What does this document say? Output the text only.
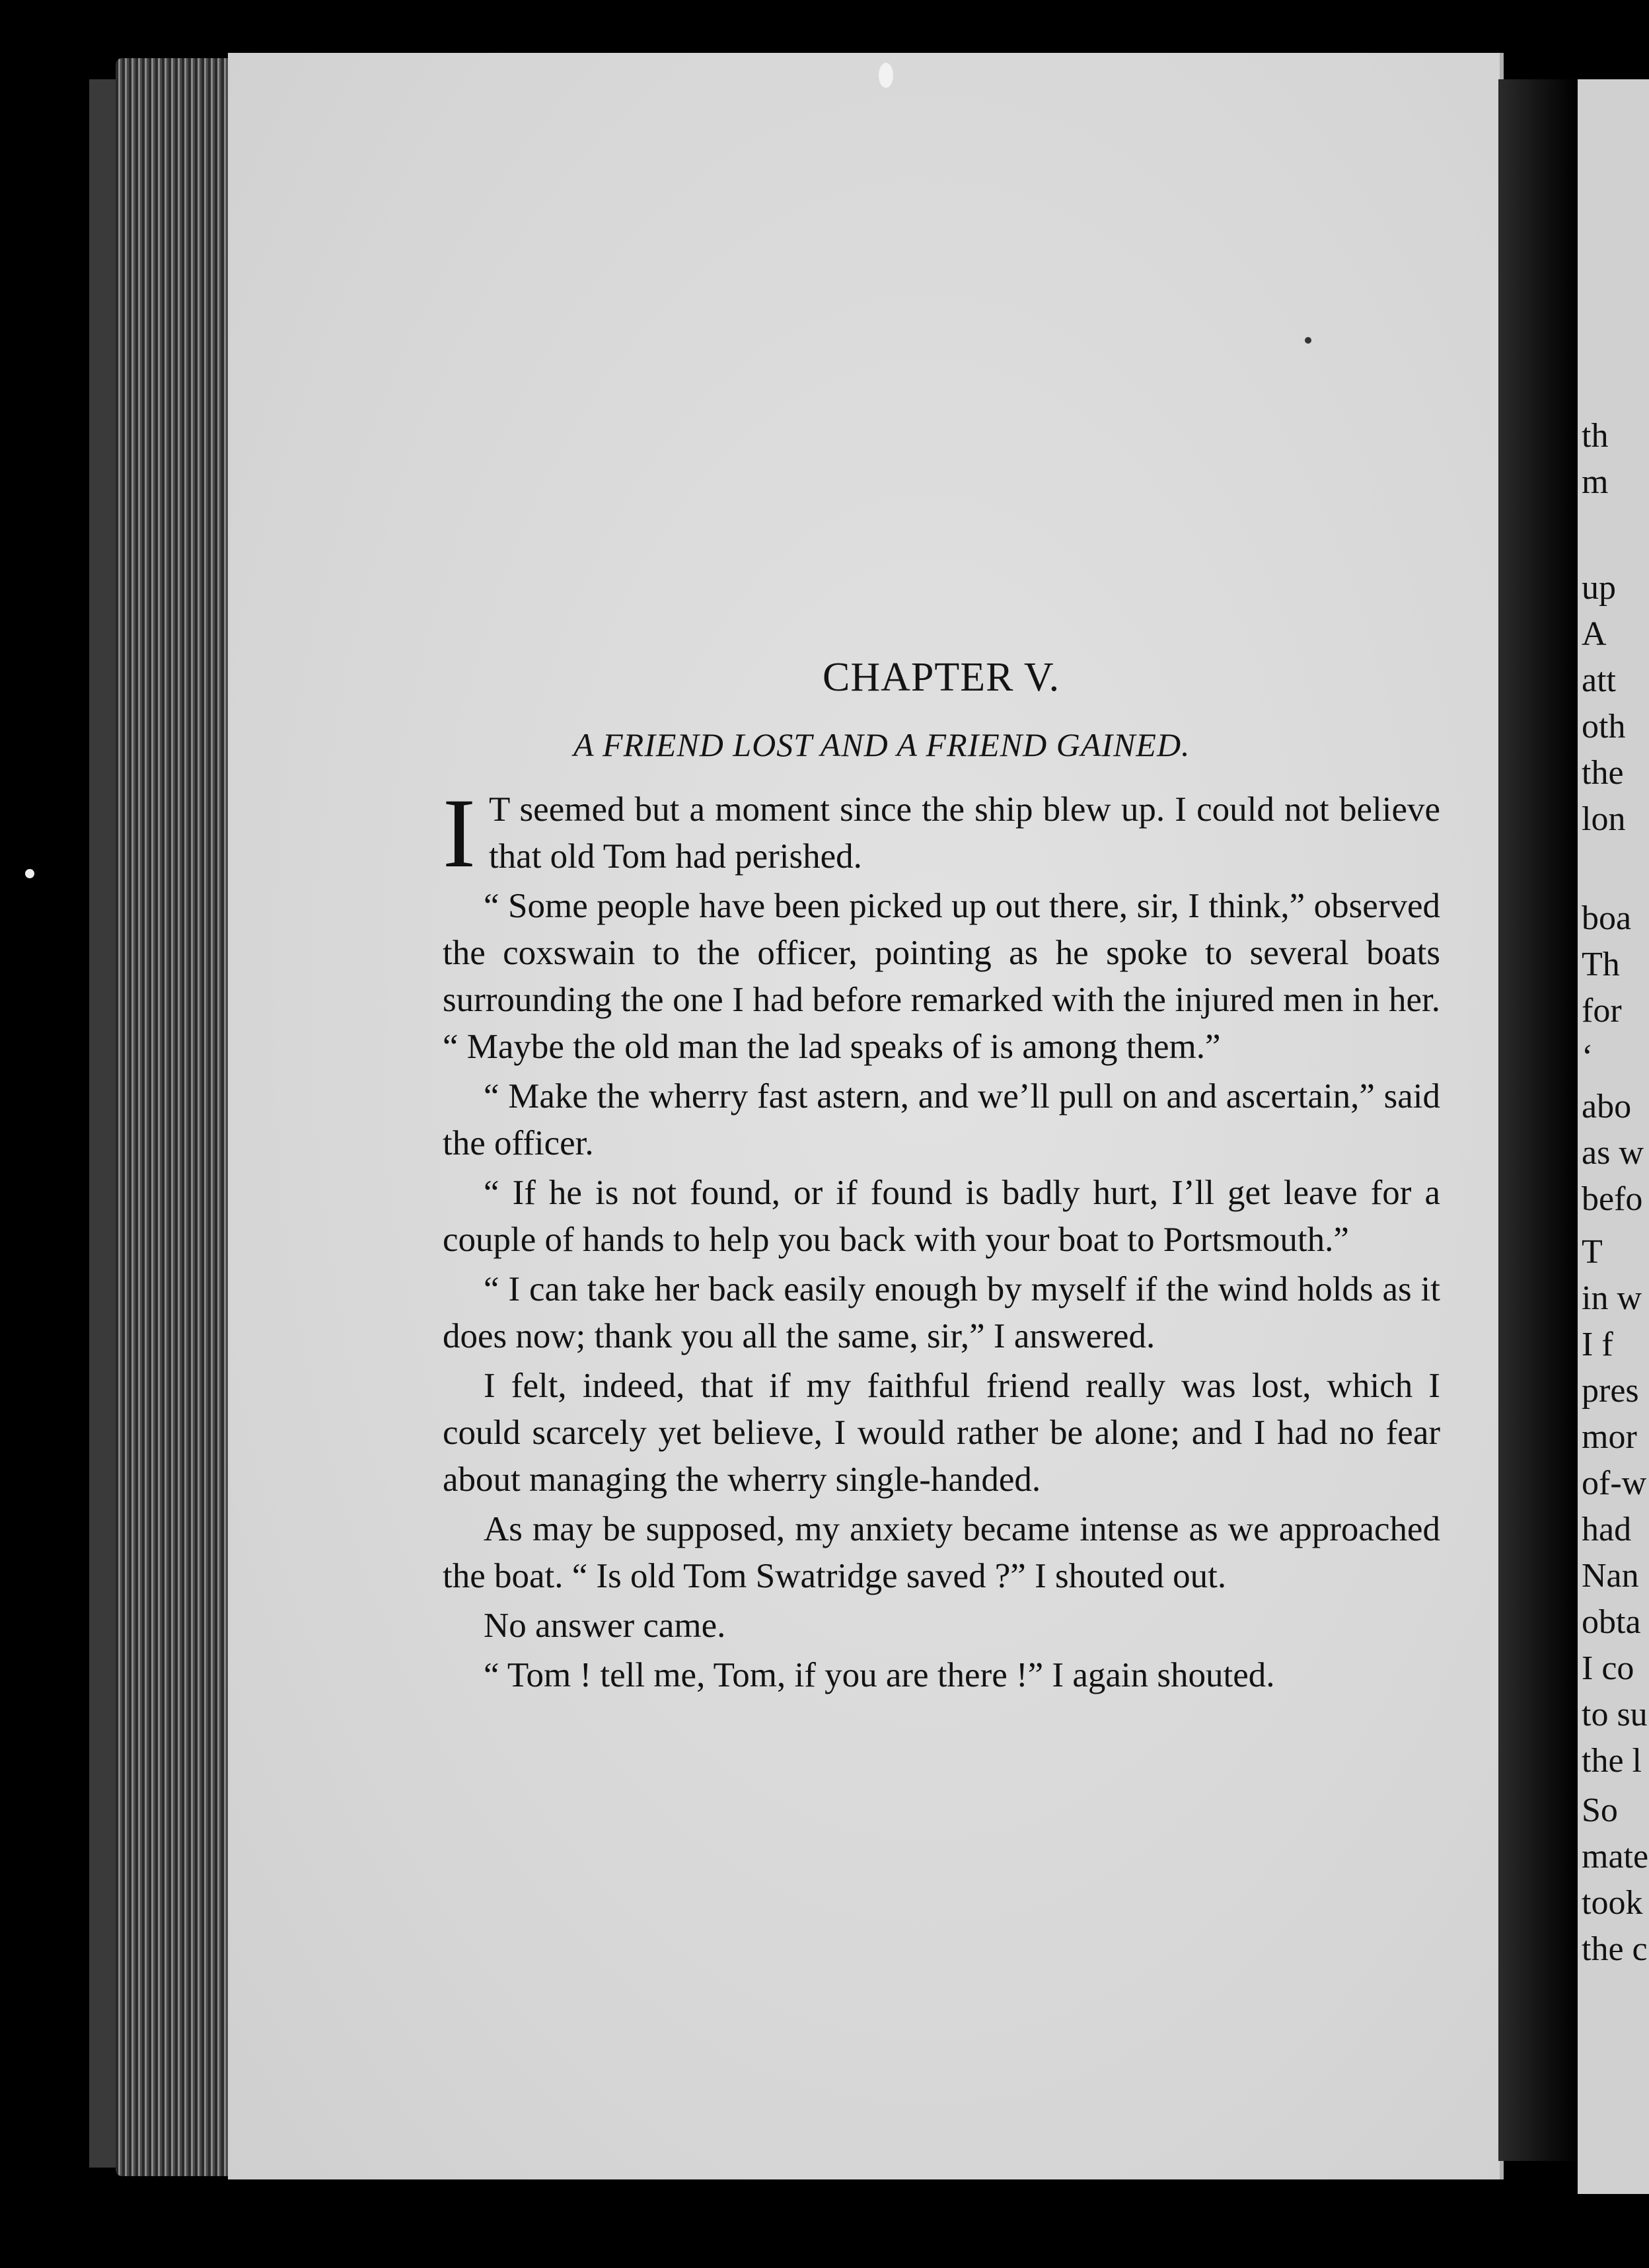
th
m
up
A
att
oth
the
lon
boa
Th
for
‘
abo
as w
befo
T
in w
I f
pres
mor
of-w
had
Nan
obta
I co
to su
the l
So
mate
took
the c
CHAPTER V.
A FRIEND LOST AND A FRIEND GAINED.

I T seemed but a moment since the ship blew up. I could not believe that old Tom had perished.

“ Some people have been picked up out there, sir, I think,” observed the coxswain to the officer, pointing as he spoke to several boats surrounding the one I had before remarked with the injured men in her. “ Maybe the old man the lad speaks of is among them.”

“ Make the wherry fast astern, and we’ll pull on and ascertain,” said the officer.

“ If he is not found, or if found is badly hurt, I’ll get leave for a couple of hands to help you back with your boat to Portsmouth.”

“ I can take her back easily enough by myself if the wind holds as it does now; thank you all the same, sir,” I answered.

I felt, indeed, that if my faithful friend really was lost, which I could scarcely yet believe, I would rather be alone; and I had no fear about managing the wherry single-handed.

As may be supposed, my anxiety became intense as we approached the boat. “ Is old Tom Swatridge saved ?” I shouted out.

No answer came.

“ Tom ! tell me, Tom, if you are there !” I again shouted.
